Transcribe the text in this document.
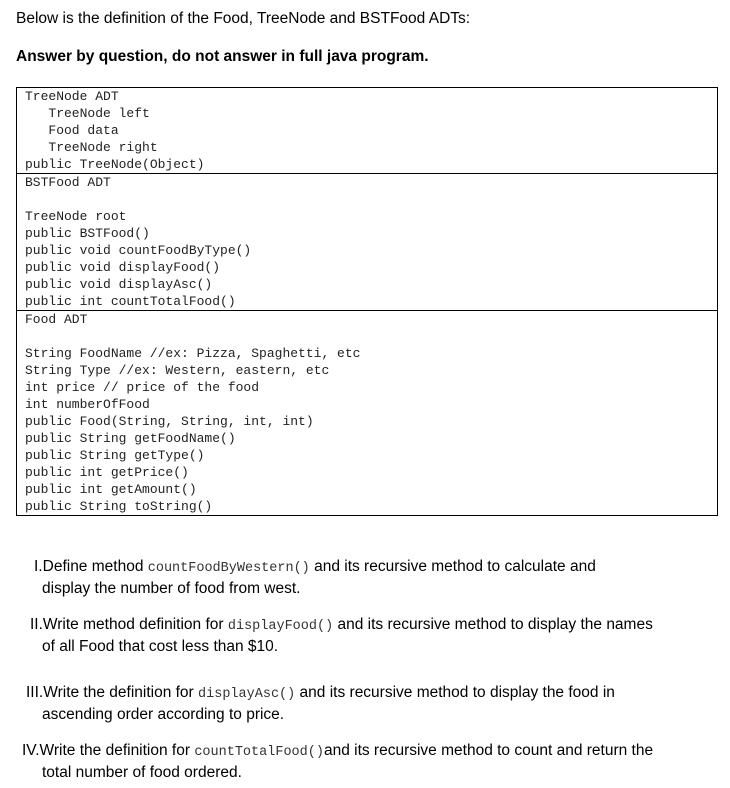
Below is the definition of the Food, TreeNode and BSTFood ADTs:
Answer by question, do not answer in full java program.
TreeNode ADT
TreeNode left
Food data
TreeNode right
public TreeNode(Object)
BSTFood ADT
TreeNode root
public BSTFood()
public void countFoodByType()
public void displayFood()
public void displayAsc()
public int countTotalFood()
Food ADT
String FoodName //ex: Pizza, Spaghetti, etc
String Type //ex: Western, eastern, etc
int price // price of the food
int numberOfFood
public Food(String, String, int, int)
public String getFoodName()
public String getType()
public int getPrice()
public int getAmount()
public String toString()
I.Define method countFoodByWestern() and its recursive method to calculate and
display the number of food from west.
II.Write method definition for displayFood() and its recursive method to display the names
of all Food that cost less than $10.
III.Write the definition for displayAsc() and its recursive method to display the food in
ascending order according to price.
IV.Write the definition for countTotalFood()and its recursive method to count and return the
total number of food ordered.
